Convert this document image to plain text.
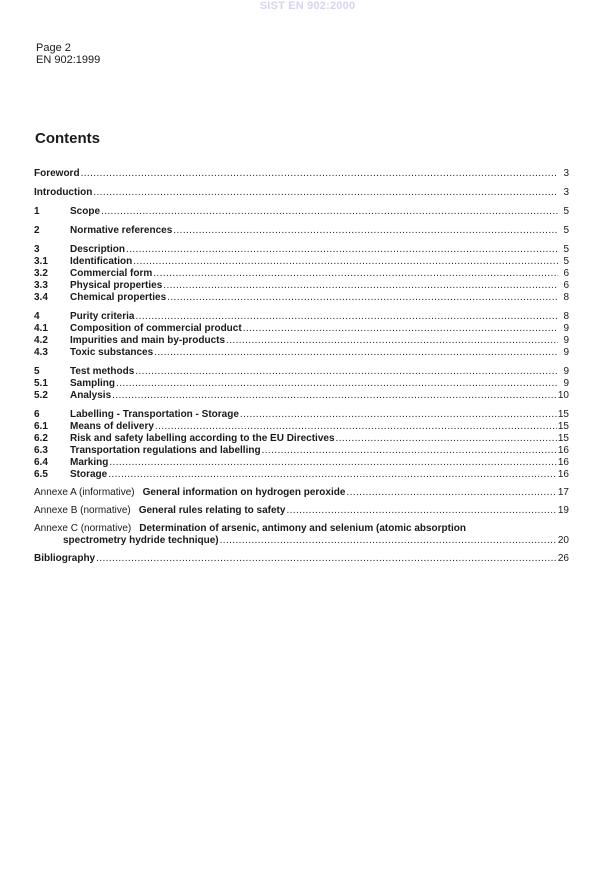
SIST EN 902:2000
Page 2
EN 902:1999
Contents
Foreword .....	3
Introduction .....	3
1	Scope .....	5
2	Normative references .....	5
3	Description .....	5
3.1	Identification .....	5
3.2	Commercial form .....	6
3.3	Physical properties .....	6
3.4	Chemical properties .....	8
4	Purity criteria .....	8
4.1	Composition of commercial product .....	9
4.2	Impurities and main by-products .....	9
4.3	Toxic substances .....	9
5	Test methods .....	9
5.1	Sampling .....	9
5.2	Analysis .....	10
6	Labelling - Transportation - Storage .....	15
6.1	Means of delivery .....	15
6.2	Risk and safety labelling according to the EU Directives .....	15
6.3	Transportation regulations and labelling .....	16
6.4	Marking .....	16
6.5	Storage .....	16
Annexe A (informative) General information on hydrogen peroxide .....	17
Annexe B (normative) General rules relating to safety .....	19
Annexe C (normative) Determination of arsenic, antimony and selenium (atomic absorption
spectrometry hydride technique) .....	20
Bibliography .....	26
